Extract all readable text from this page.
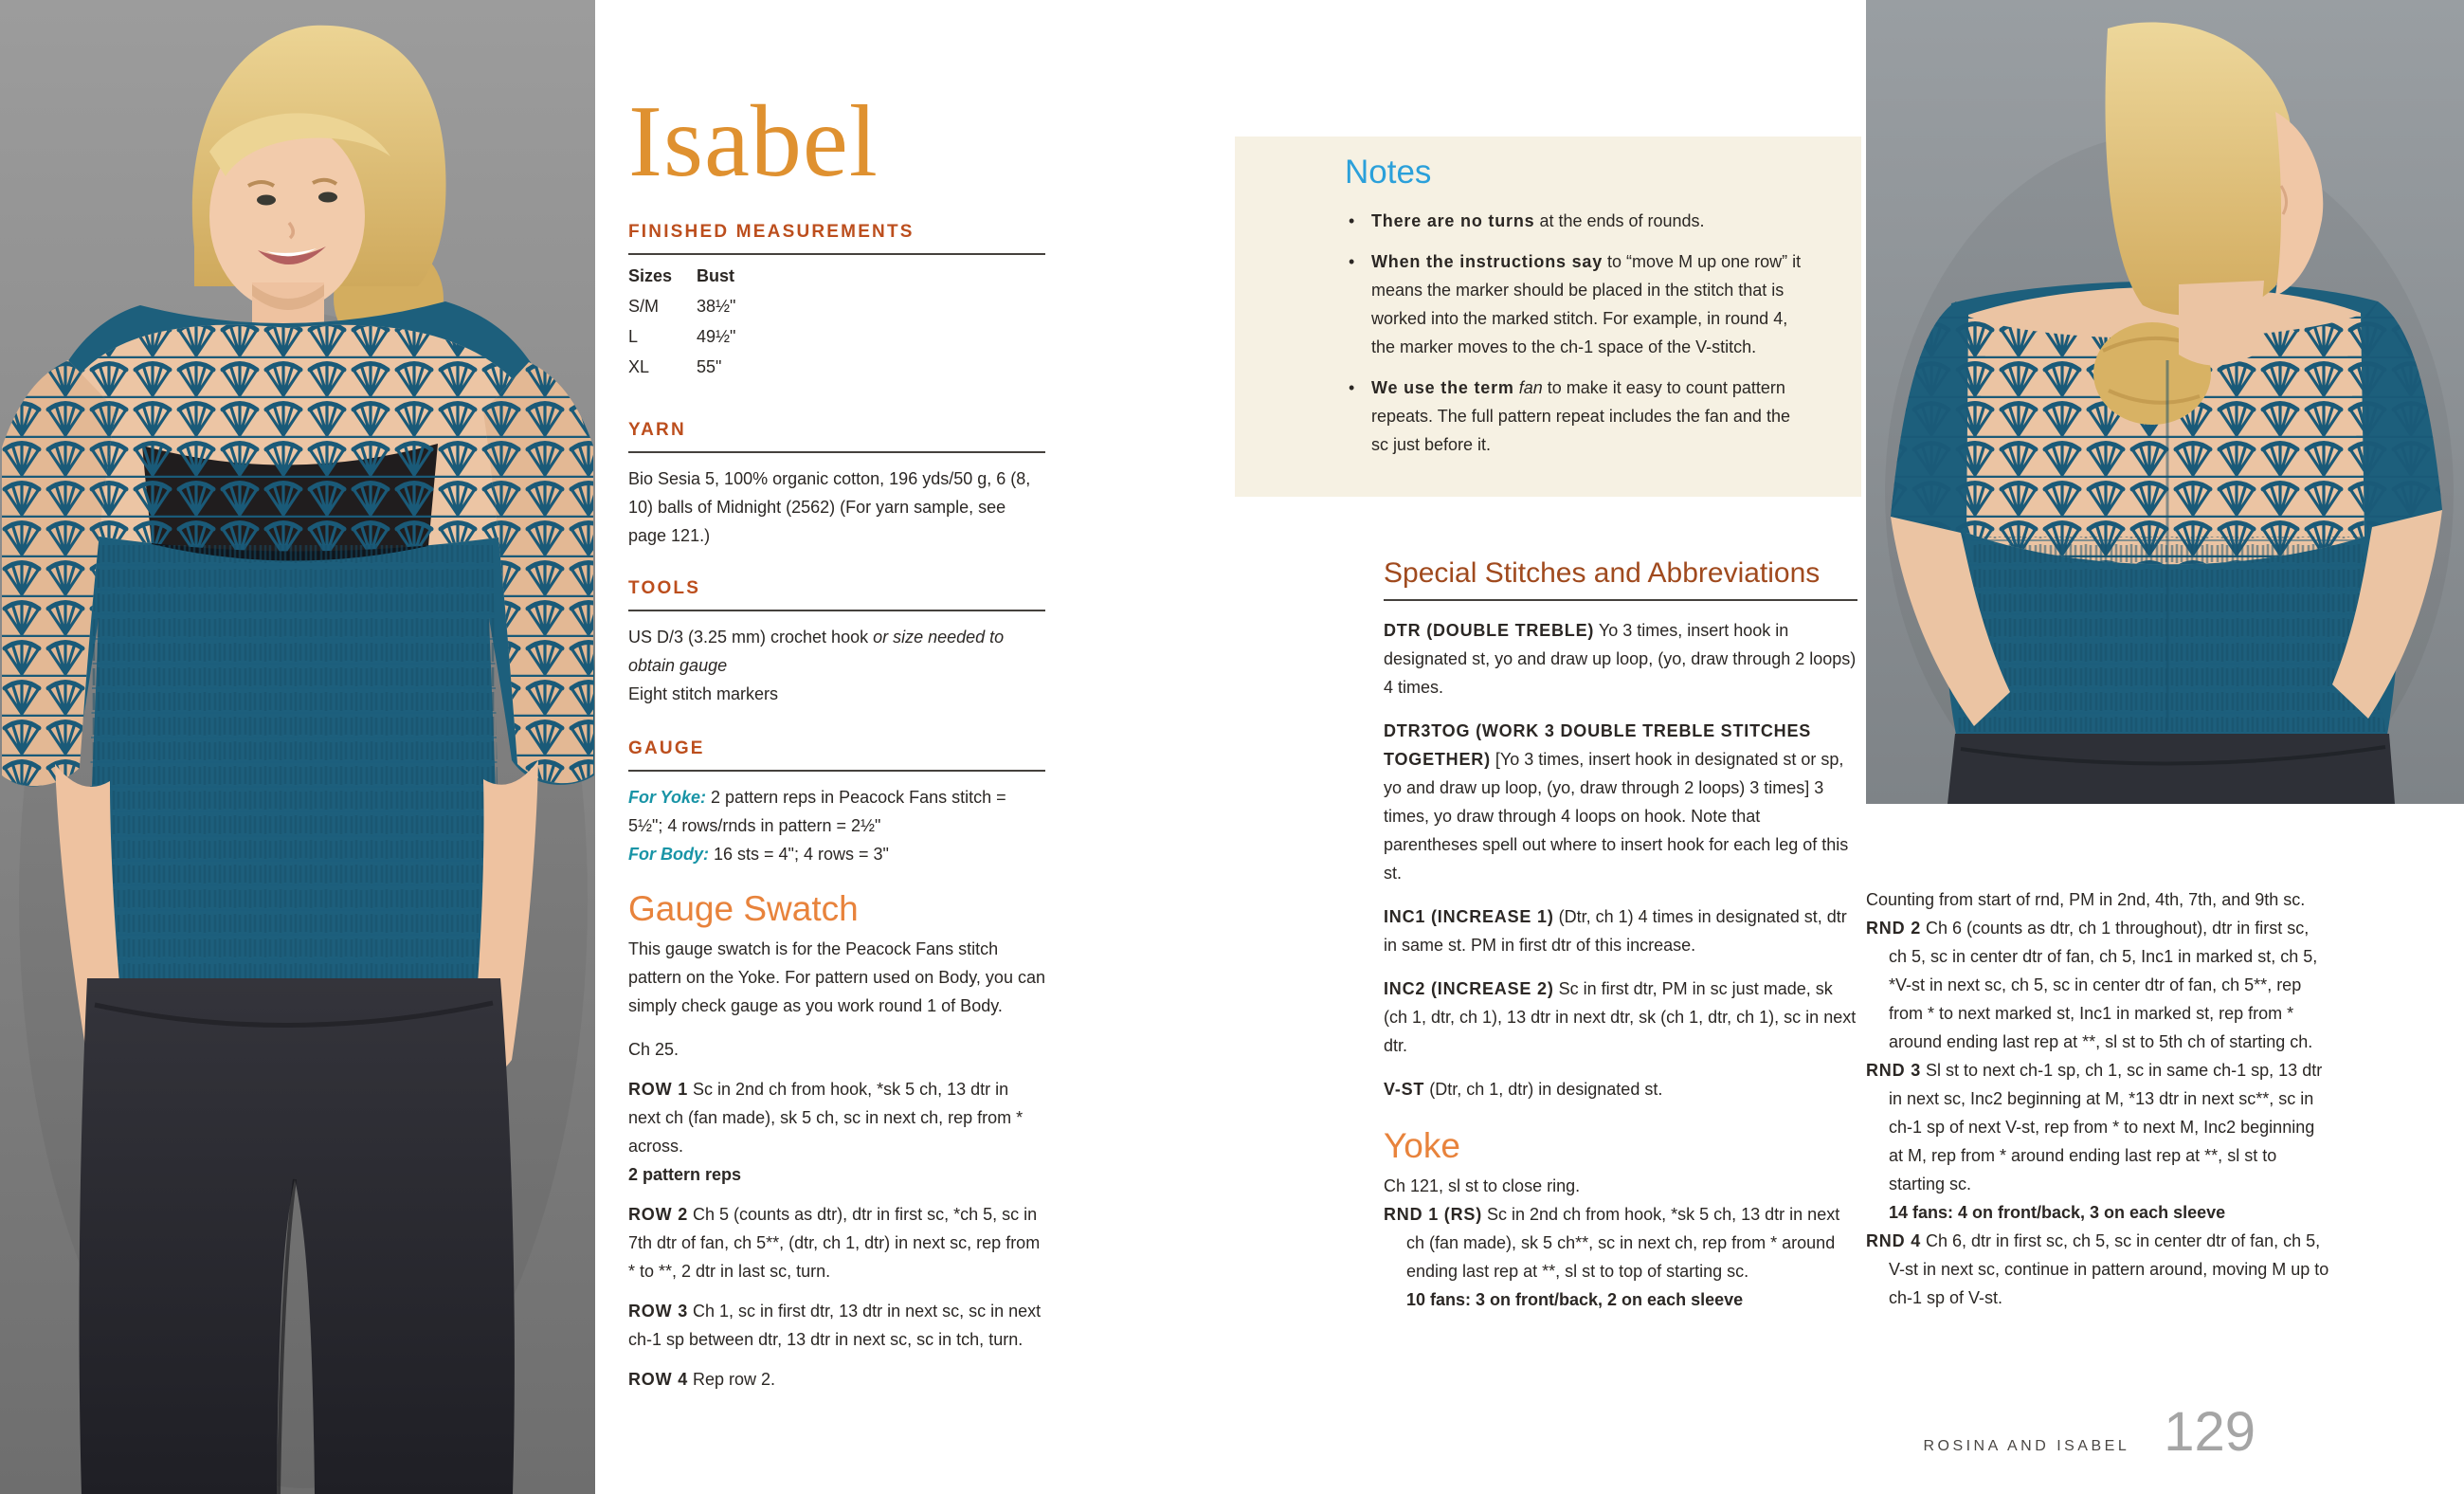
Isabel
FINISHED MEASUREMENTS
Sizes	Bust
S/M	38½"
L	49½"
XL	55"
YARN

Bio Sesia 5, 100% organic cotton, 196 yds/50 g, 6 (8, 10) balls of Midnight (2562) (For yarn sample, see page 121.)

TOOLS

US D/3 (3.25 mm) crochet hook or size needed to obtain gauge
Eight stitch markers

GAUGE

For Yoke: 2 pattern reps in Peacock Fans stitch = 5½"; 4 rows/rnds in pattern = 2½"
For Body: 16 sts = 4"; 4 rows = 3"

Gauge Swatch
This gauge swatch is for the Peacock Fans stitch pattern on the Yoke. For pattern used on Body, you can simply check gauge as you work round 1 of Body.

Ch 25.

ROW 1 Sc in 2nd ch from hook, *sk 5 ch, 13 dtr in next ch (fan made), sk 5 ch, sc in next ch, rep from * across.
2 pattern reps

ROW 2 Ch 5 (counts as dtr), dtr in first sc, *ch 5, sc in 7th dtr of fan, ch 5**, (dtr, ch 1, dtr) in next sc, rep from * to **, 2 dtr in last sc, turn.

ROW 3 Ch 1, sc in first dtr, 13 dtr in next sc, sc in next ch-1 sp between dtr, 13 dtr in next sc, sc in tch, turn.

ROW 4 Rep row 2.

Notes
• There are no turns at the ends of rounds.
• When the instructions say to “move M up one row” it means the marker should be placed in the stitch that is worked into the marked stitch. For example, in round 4, the marker moves to the ch-1 space of the V-stitch.
• We use the term fan to make it easy to count pattern repeats. The full pattern repeat includes the fan and the sc just before it.
Special Stitches and Abbreviations

DTR (DOUBLE TREBLE) Yo 3 times, insert hook in designated st, yo and draw up loop, (yo, draw through 2 loops) 4 times.

DTR3TOG (WORK 3 DOUBLE TREBLE STITCHES TOGETHER) [Yo 3 times, insert hook in designated st or sp, yo and draw up loop, (yo, draw through 2 loops) 3 times] 3 times, yo draw through 4 loops on hook. Note that parentheses spell out where to insert hook for each leg of this st.

INC1 (INCREASE 1) (Dtr, ch 1) 4 times in designated st, dtr in same st. PM in first dtr of this increase.

INC2 (INCREASE 2) Sc in first dtr, PM in sc just made, sk (ch 1, dtr, ch 1), 13 dtr in next dtr, sk (ch 1, dtr, ch 1), sc in next dtr.

V-ST (Dtr, ch 1, dtr) in designated st.

Yoke
Ch 121, sl st to close ring.
RND 1 (RS) Sc in 2nd ch from hook, *sk 5 ch, 13 dtr in next ch (fan made), sk 5 ch**, sc in next ch, rep from * around ending last rep at **, sl st to top of starting sc.
10 fans: 3 on front/back, 2 on each sleeve
Counting from start of rnd, PM in 2nd, 4th, 7th, and 9th sc.
RND 2 Ch 6 (counts as dtr, ch 1 throughout), dtr in first sc, ch 5, sc in center dtr of fan, ch 5, Inc1 in marked st, ch 5, *V-st in next sc, ch 5, sc in center dtr of fan, ch 5**, rep from * to next marked st, Inc1 in marked st, rep from * around ending last rep at **, sl st to 5th ch of starting ch.
RND 3 Sl st to next ch-1 sp, ch 1, sc in same ch-1 sp, 13 dtr in next sc, Inc2 beginning at M, *13 dtr in next sc**, sc in ch-1 sp of next V-st, rep from * to next M, Inc2 beginning at M, rep from * around ending last rep at **, sl st to starting sc.
14 fans: 4 on front/back, 3 on each sleeve
RND 4 Ch 6, dtr in first sc, ch 5, sc in center dtr of fan, ch 5, V-st in next sc, continue in pattern around, moving M up to ch-1 sp of V-st.
ROSINA AND ISABEL 129
